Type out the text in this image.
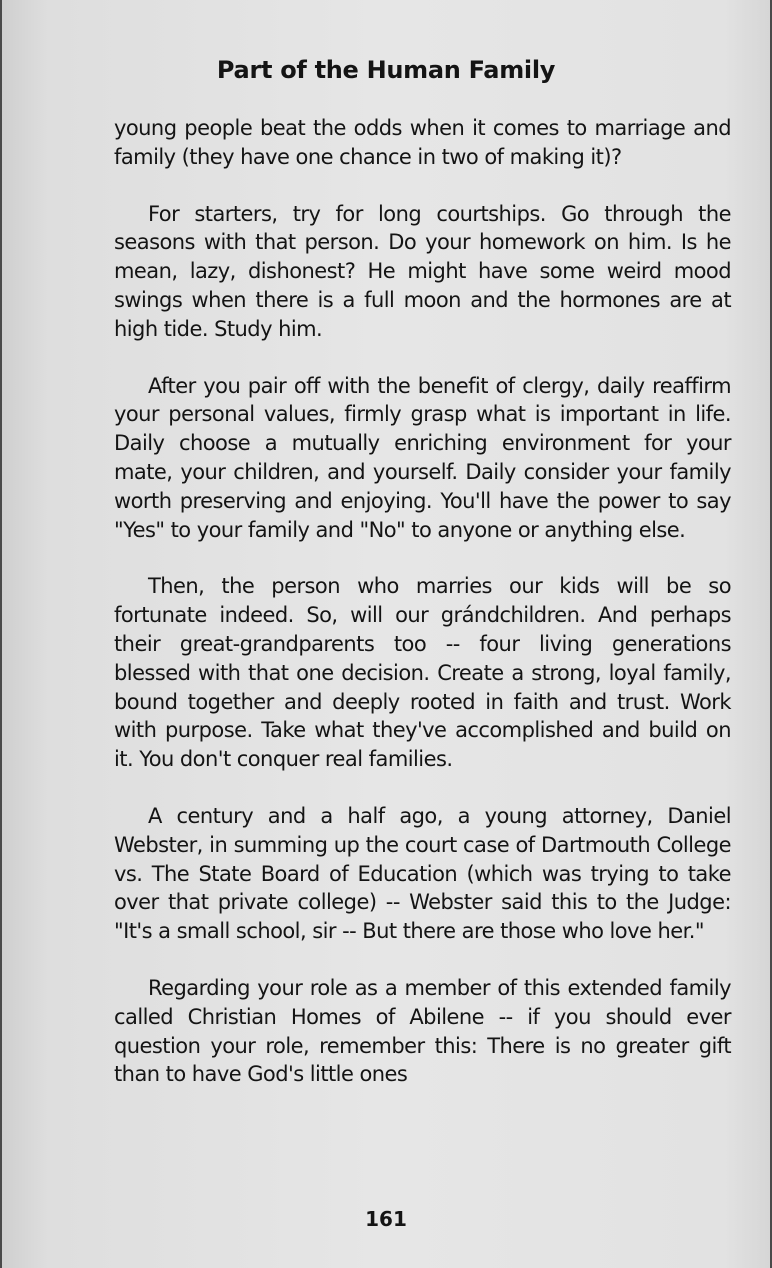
Part of the Human Family

young people beat the odds when it comes to marriage and family (they have one chance in two of making it)?

For starters, try for long courtships. Go through the seasons with that person. Do your homework on him. Is he mean, lazy, dishonest? He might have some weird mood swings when there is a full moon and the hormones are at high tide. Study him.

After you pair off with the benefit of clergy, daily reaffirm your personal values, firmly grasp what is important in life. Daily choose a mutually enriching environment for your mate, your children, and yourself. Daily consider your family worth preserving and enjoying. You'll have the power to say "Yes" to your family and "No" to anyone or anything else.

Then, the person who marries our kids will be so fortunate indeed. So, will our grándchildren. And perhaps their great-grandparents too -- four living generations blessed with that one decision. Create a strong, loyal family, bound together and deeply rooted in faith and trust. Work with purpose. Take what they've accomplished and build on it. You don't conquer real families.

A century and a half ago, a young attorney, Daniel Webster, in summing up the court case of Dartmouth College vs. The State Board of Education (which was trying to take over that private college) -- Webster said this to the Judge: "It's a small school, sir -- But there are those who love her."

Regarding your role as a member of this extended family called Christian Homes of Abilene -- if you should ever question your role, remember this: There is no greater gift than to have God's little ones

161
